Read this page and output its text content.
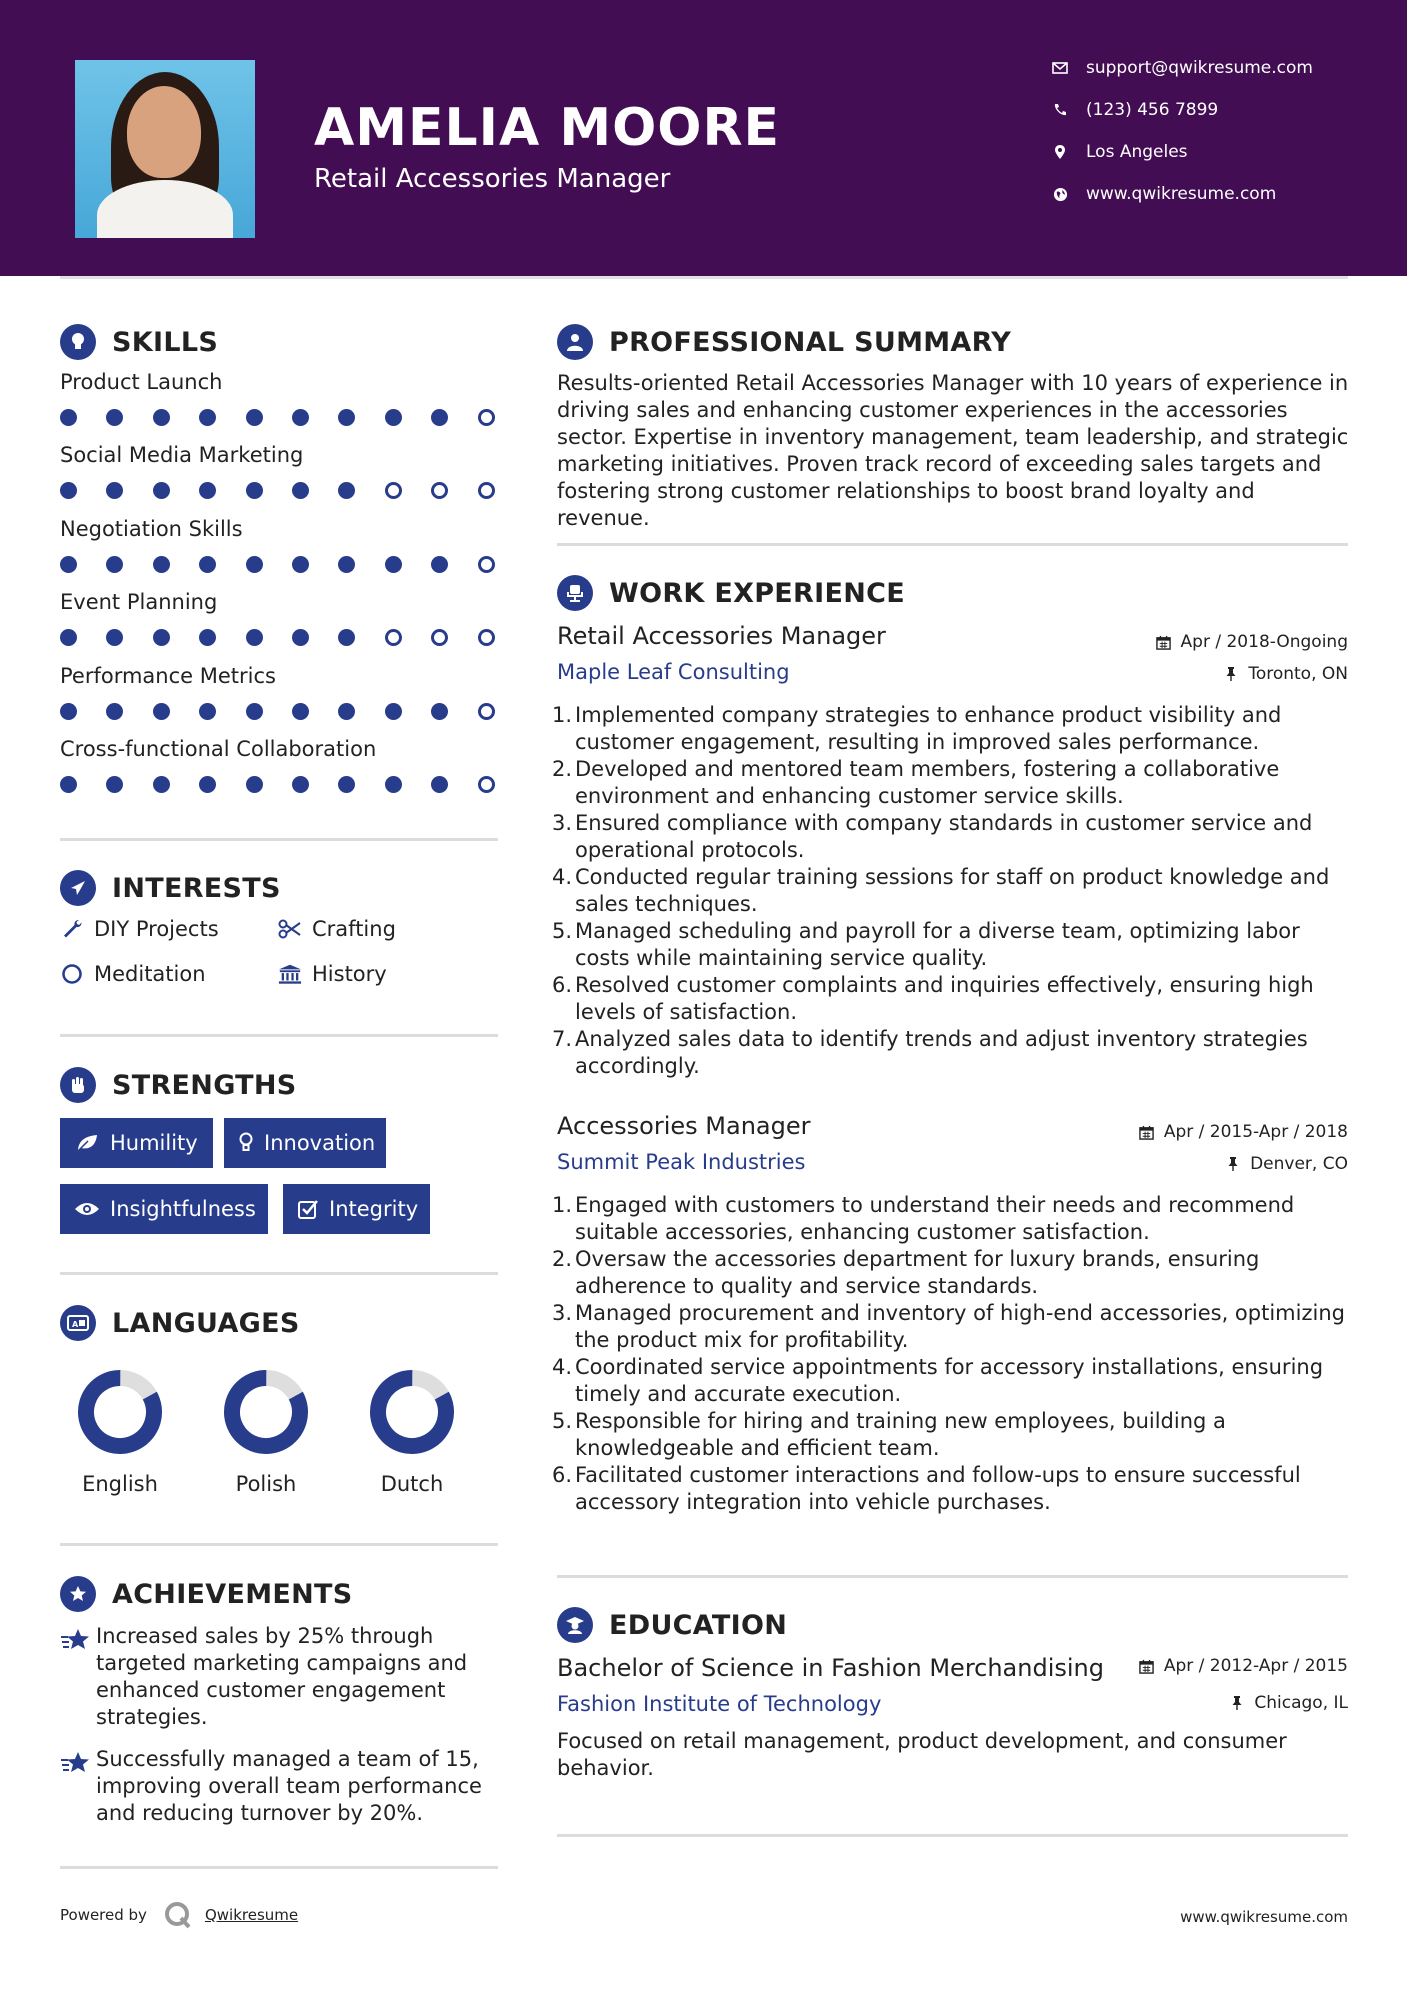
AMELIA MOORE
Retail Accessories Manager
support@qwikresume.com
(123) 456 7899
Los Angeles
www.qwikresume.com
SKILLS
Product Launch
Social Media Marketing
Negotiation Skills
Event Planning
Performance Metrics
Cross-functional Collaboration
INTERESTS
DIY Projects	Crafting
Meditation	History
STRENGTHS
Humility	Innovation
Insightfulness	Integrity
A LANGUAGES
English	Polish	Dutch
ACHIEVEMENTS
Increased sales by 25% through targeted marketing campaigns and enhanced customer engagement strategies.
Successfully managed a team of 15, improving overall team performance and reducing turnover by 20%.
PROFESSIONAL SUMMARY
Results-oriented Retail Accessories Manager with 10 years of experience in driving sales and enhancing customer experiences in the accessories sector. Expertise in inventory management, team leadership, and strategic marketing initiatives. Proven track record of exceeding sales targets and fostering strong customer relationships to boost brand loyalty and revenue.
WORK EXPERIENCE
Retail Accessories Manager
Maple Leaf Consulting
Apr / 2018-Ongoing
Toronto, ON
1. Implemented company strategies to enhance product visibility and customer engagement, resulting in improved sales performance.
2. Developed and mentored team members, fostering a collaborative environment and enhancing customer service skills.
3. Ensured compliance with company standards in customer service and operational protocols.
4. Conducted regular training sessions for staff on product knowledge and sales techniques.
5. Managed scheduling and payroll for a diverse team, optimizing labor costs while maintaining service quality.
6. Resolved customer complaints and inquiries effectively, ensuring high levels of satisfaction.
7. Analyzed sales data to identify trends and adjust inventory strategies accordingly.
Accessories Manager
Summit Peak Industries
Apr / 2015-Apr / 2018
Denver, CO
1. Engaged with customers to understand their needs and recommend suitable accessories, enhancing customer satisfaction.
2. Oversaw the accessories department for luxury brands, ensuring adherence to quality and service standards.
3. Managed procurement and inventory of high-end accessories, optimizing the product mix for profitability.
4. Coordinated service appointments for accessory installations, ensuring timely and accurate execution.
5. Responsible for hiring and training new employees, building a knowledgeable and efficient team.
6. Facilitated customer interactions and follow-ups to ensure successful accessory integration into vehicle purchases.
EDUCATION
Bachelor of Science in Fashion Merchandising
Fashion Institute of Technology
Apr / 2012-Apr / 2015
Chicago, IL
Focused on retail management, product development, and consumer behavior.
Powered by	Qwikresume	www.qwikresume.com
